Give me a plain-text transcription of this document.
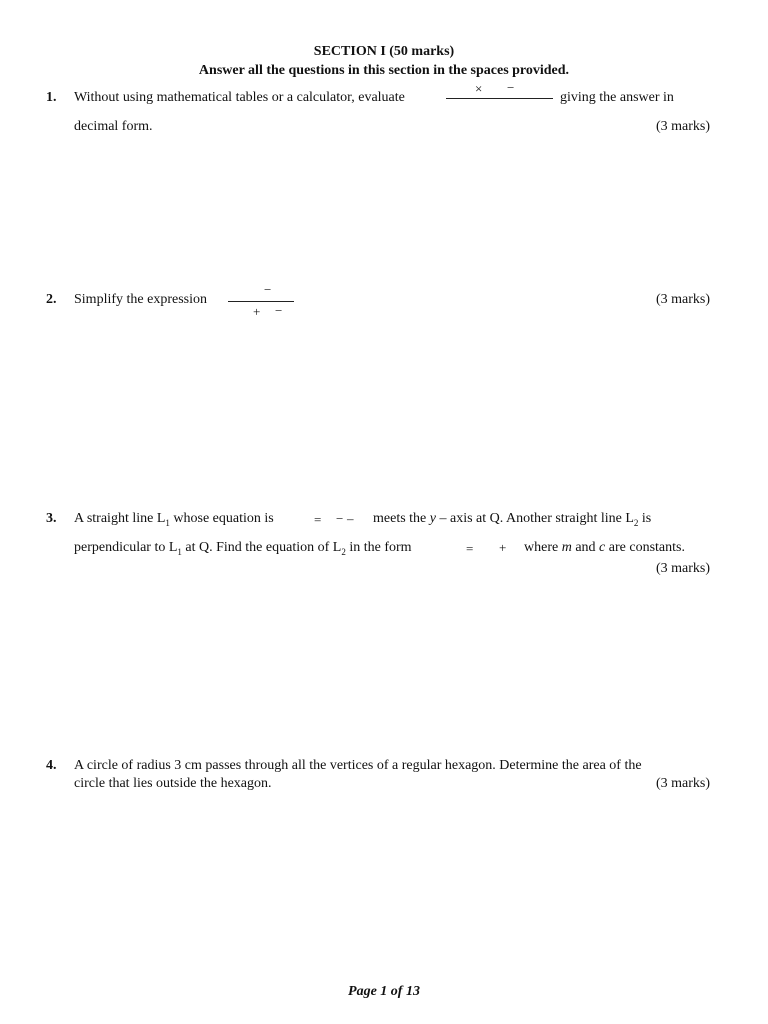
SECTION I (50 marks)
Answer all the questions in this section in the spaces provided.
1. Without using mathematical tables or a calculator, evaluate
× −
giving the answer in
decimal form.	(3 marks)
2. Simplify the expression
−
+ −
(3 marks)
3. A straight line $L_1$ whose equation is	= − – meets the y – axis at Q. Another straight line $L_2$ is
perpendicular to $L_1$ at Q. Find the equation of $L_2$ in the form	= + where m and c are constants.
(3 marks)
4. A circle of radius 3 cm passes through all the vertices of a regular hexagon. Determine the area of the
circle that lies outside the hexagon.	(3 marks)
Page 1 of 13
